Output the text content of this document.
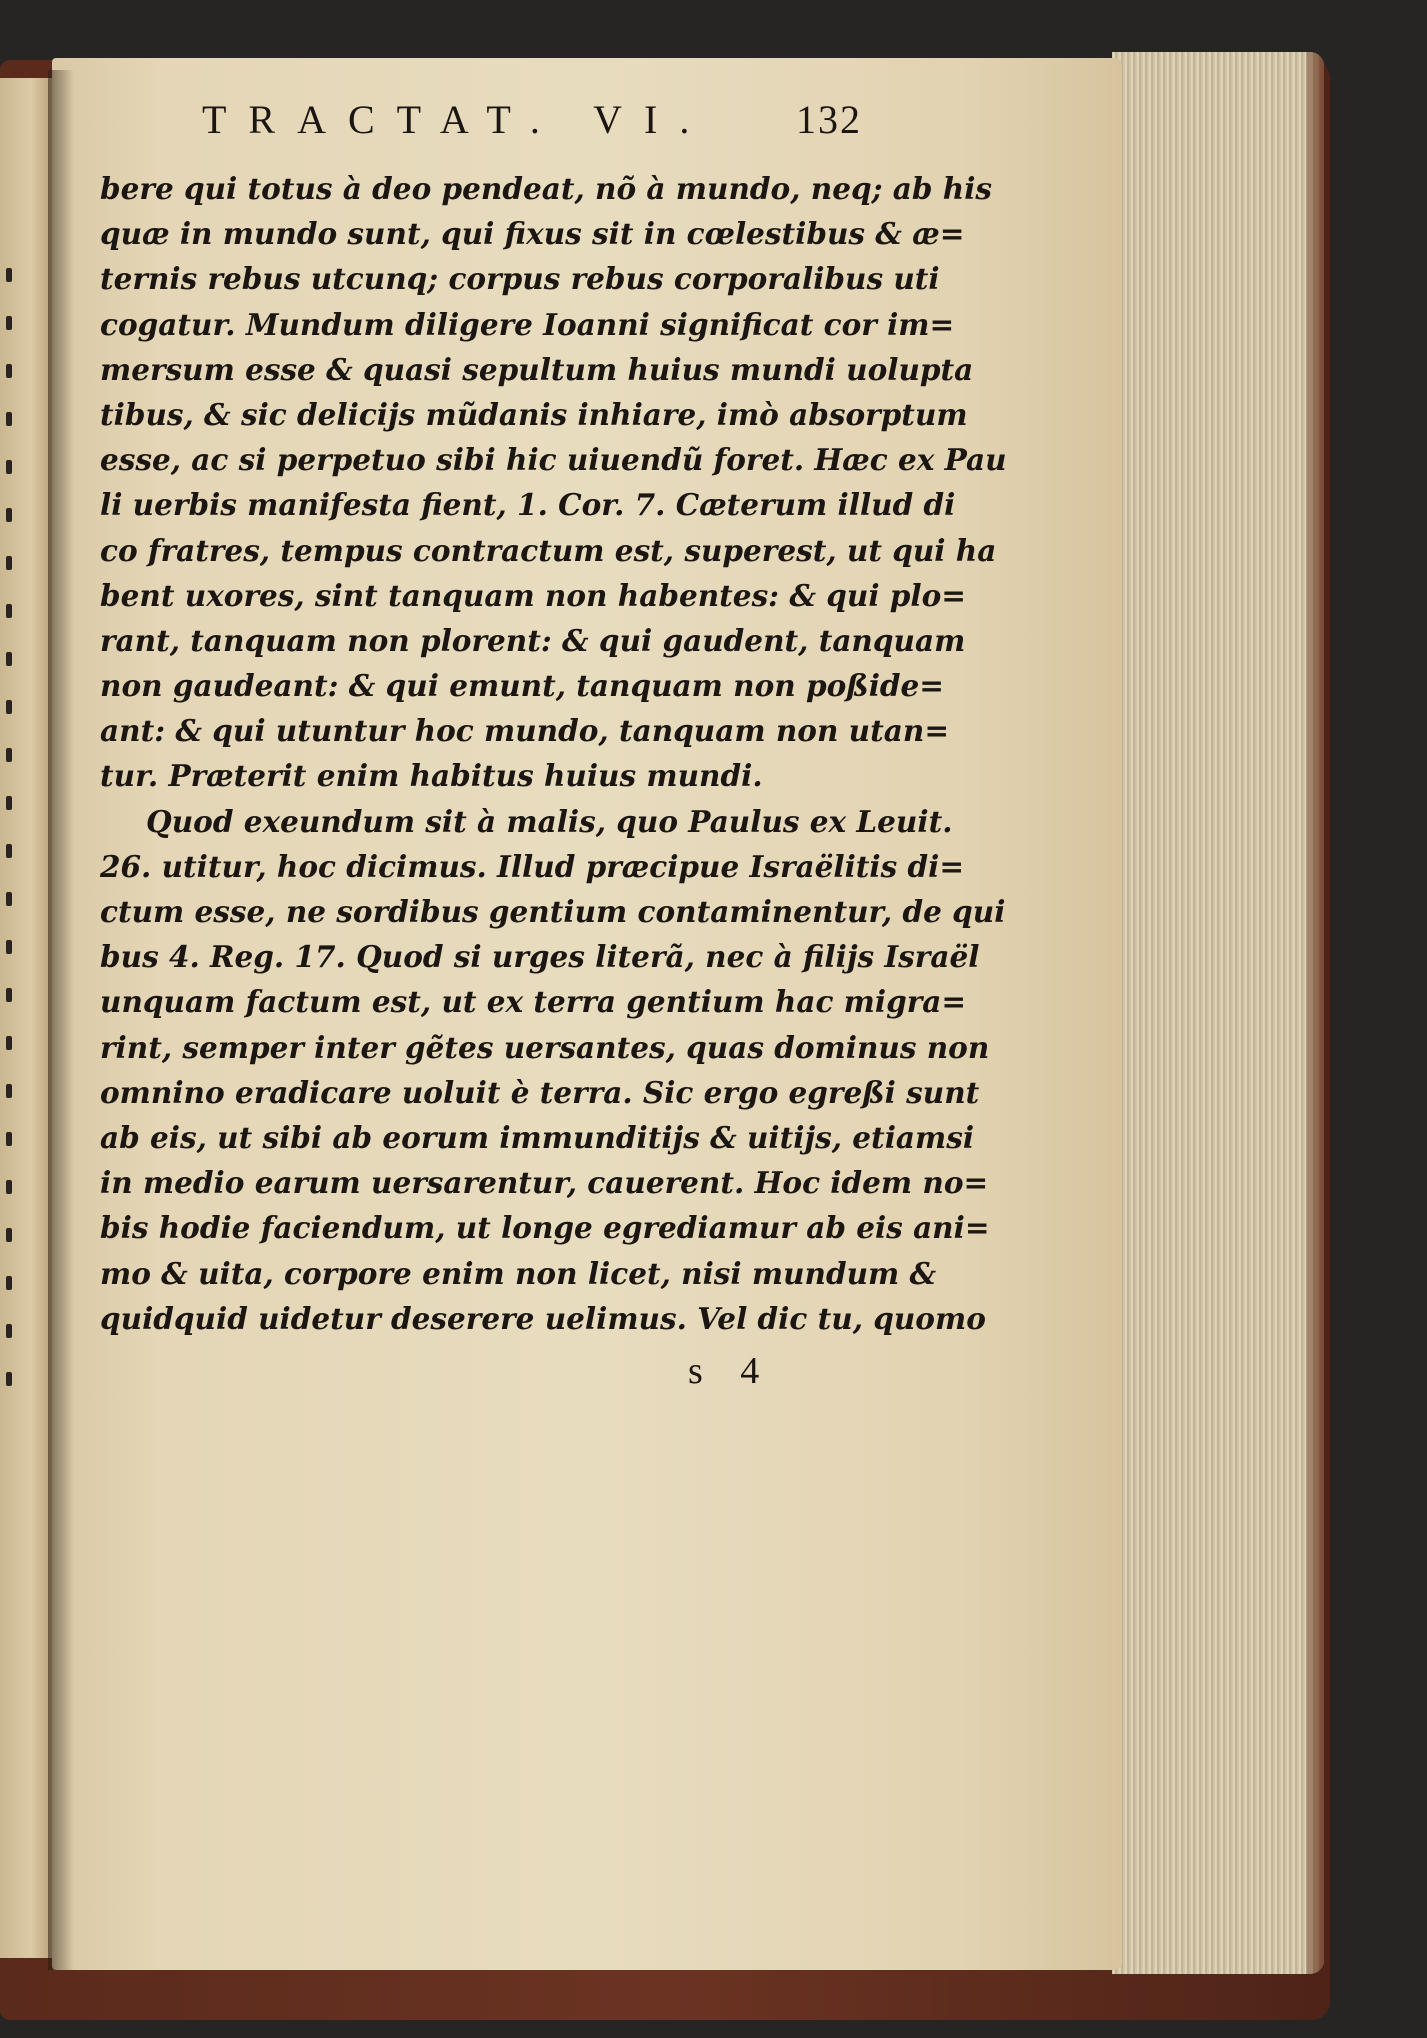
TRACTAT. VI. 132
bere qui totus à deo pendeat, nõ à mundo, neq; ab his
quæ in mundo sunt, qui fixus sit in cœlestibus & æ=
ternis rebus utcunq; corpus rebus corporalibus uti
cogatur. Mundum diligere Ioanni significat cor im=
mersum esse & quasi sepultum huius mundi uolupta
tibus, & sic delicijs mũdanis inhiare, imò absorptum
esse, ac si perpetuo sibi hic uiuendũ foret. Hæc ex Pau
li uerbis manifesta fient, 1. Cor. 7. Cæterum illud di
co fratres, tempus contractum est, superest, ut qui ha
bent uxores, sint tanquam non habentes: & qui plo=
rant, tanquam non plorent: & qui gaudent, tanquam
non gaudeant: & qui emunt, tanquam non poßide=
ant: & qui utuntur hoc mundo, tanquam non utan=
tur. Præterit enim habitus huius mundi.
Quod exeundum sit à malis, quo Paulus ex Leuit.
26. utitur, hoc dicimus. Illud præcipue Israëlitis di=
ctum esse, ne sordibus gentium contaminentur, de qui
bus 4. Reg. 17. Quod si urges literã, nec à filijs Israël
unquam factum est, ut ex terra gentium hac migra=
rint, semper inter gẽtes uersantes, quas dominus non
omnino eradicare uoluit è terra. Sic ergo egreßi sunt
ab eis, ut sibi ab eorum immunditijs & uitijs, etiamsi
in medio earum uersarentur, cauerent. Hoc idem no=
bis hodie faciendum, ut longe egrediamur ab eis ani=
mo & uita, corpore enim non licet, nisi mundum &
quidquid uidetur deserere uelimus. Vel dic tu, quomo
s 4
